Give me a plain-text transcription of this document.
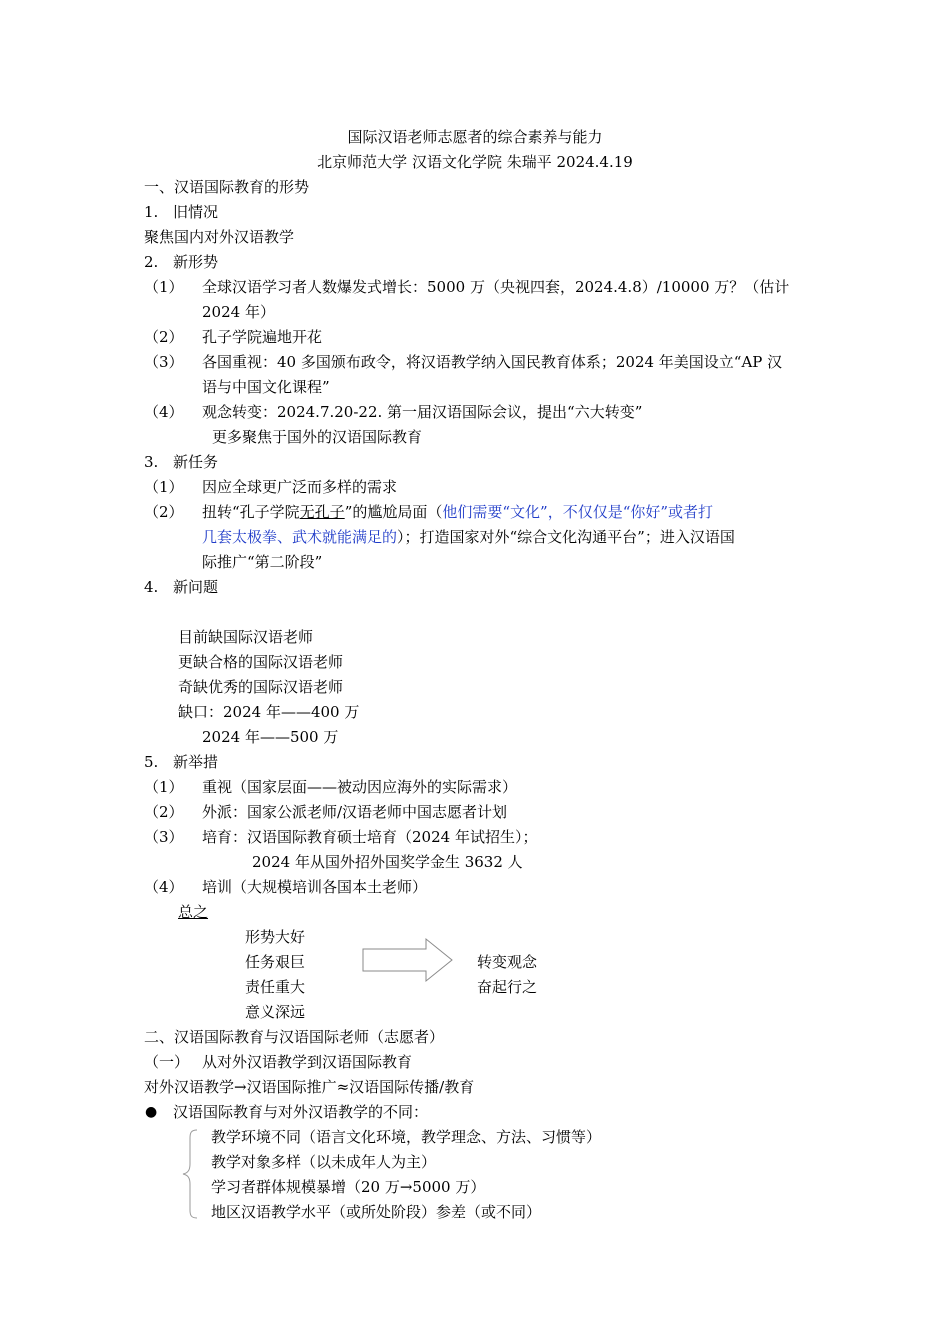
国际汉语老师志愿者的综合素养与能力
北京师范大学 汉语文化学院 朱瑞平 2024.4.19
一、汉语国际教育的形势
1. 旧情况
聚焦国内对外汉语教学
2. 新形势
（1） 全球汉语学习者人数爆发式增长：5000 万（央视四套，2024.4.8）/10000 万？（估计
2024 年）
（2） 孔子学院遍地开花
（3） 各国重视：40 多国颁布政令，将汉语教学纳入国民教育体系；2024 年美国设立“AP 汉
语与中国文化课程”
（4） 观念转变：2024.7.20-22. 第一届汉语国际会议，提出“六大转变”
更多聚焦于国外的汉语国际教育
3. 新任务
（1） 因应全球更广泛而多样的需求
（2） 扭转“孔子学院无孔子”的尴尬局面（他们需要“文化”，不仅仅是“你好”或者打
几套太极拳、武术就能满足的）；打造国家对外“综合文化沟通平台”；进入汉语国
际推广“第二阶段”
4. 新问题
目前缺国际汉语老师
更缺合格的国际汉语老师
奇缺优秀的国际汉语老师
缺口：2024 年——400 万
2024 年——500 万
5. 新举措
（1） 重视（国家层面——被动因应海外的实际需求）
（2） 外派：国家公派老师/汉语老师中国志愿者计划
（3） 培育：汉语国际教育硕士培育（2024 年试招生）；
2024 年从国外招外国奖学金生 3632 人
（4） 培训（大规模培训各国本土老师）
总之
形势大好
任务艰巨
责任重大
意义深远
转变观念
奋起行之
二、汉语国际教育与汉语国际老师（志愿者）
（一） 从对外汉语教学到汉语国际教育
对外汉语教学→汉语国际推广≈汉语国际传播/教育
● 汉语国际教育与对外汉语教学的不同：
教学环境不同（语言文化环境，教学理念、方法、习惯等）
教学对象多样（以未成年人为主）
学习者群体规模暴增（20 万→5000 万）
地区汉语教学水平（或所处阶段）参差（或不同）
